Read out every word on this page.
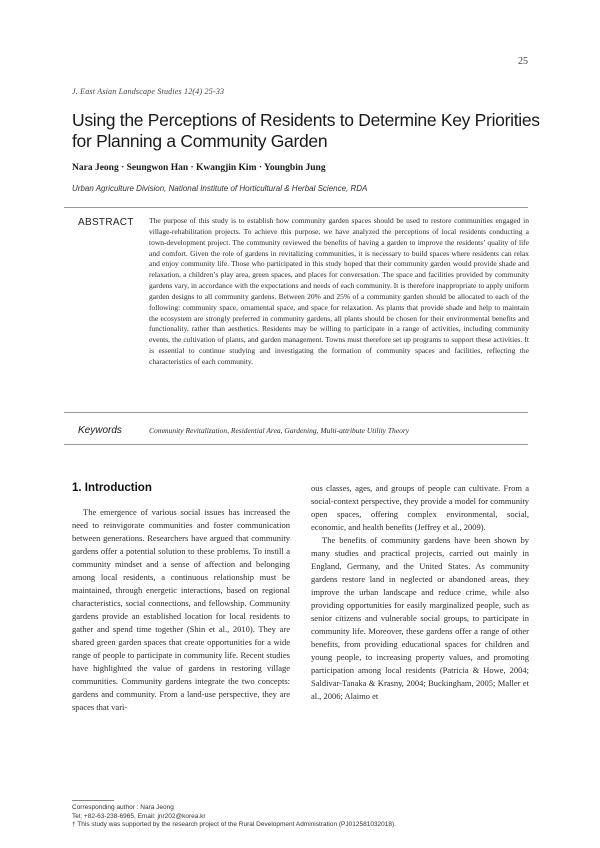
25
J. East Asian Landscape Studies 12(4) 25-33
Using the Perceptions of Residents to Determine Key Priorities for Planning a Community Garden
Nara Jeong · Seungwon Han · Kwangjin Kim · Youngbin Jung
Urban Agriculture Division, National Institute of Horticultural & Herbal Science, RDA
ABSTRACT The purpose of this study is to establish how community garden spaces should be used to restore communities engaged in village-rehabilitation projects. To achieve this purpose, we have analyzed the perceptions of local residents conducting a town-development project. The community reviewed the benefits of having a garden to improve the residents’ quality of life and comfort. Given the role of gardens in revitalizing communities, it is necessary to build spaces where residents can relax and enjoy community life. Those who participated in this study hoped that their community garden would provide shade and relaxation, a children’s play area, green spaces, and places for conversation. The space and facilities provided by community gardens vary, in accordance with the expectations and needs of each community. It is therefore inappropriate to apply uniform garden designs to all community gardens. Between 20% and 25% of a community garden should be allocated to each of the following: community space, ornamental space, and space for relaxation. As plants that provide shade and help to maintain the ecosystem are strongly preferred in community gardens, all plants should be chosen for their environmental benefits and functionality, rather than aesthetics. Residents may be willing to participate in a range of activities, including community events, the cultivation of plants, and garden management. Towns must therefore set up programs to support these activities. It is essential to continue studying and investigating the formation of community spaces and facilities, reflecting the characteristics of each community.

Keywords	Community Revitalization, Residential Area, Gardening, Multi-attribute Utility Theory
1. Introduction

The emergence of various social issues has increased the need to reinvigorate communities and foster communication between generations. Researchers have argued that community gardens offer a potential solution to these problems. To instill a community mindset and a sense of affection and belonging among local residents, a continuous relationship must be maintained, through energetic interactions, based on regional characteristics, social connections, and fellowship. Community gardens provide an established location for local residents to gather and spend time together (Shin et al., 2010). They are shared green garden spaces that create opportunities for a wide range of people to participate in community life. Recent studies have highlighted the value of gardens in restoring village communities. Community gardens integrate the two concepts: gardens and community. From a land-use perspective, they are spaces that vari-

ous classes, ages, and groups of people can cultivate. From a social-context perspective, they provide a model for community open spaces, offering complex environmental, social, economic, and health benefits (Jeffrey et al., 2009).

The benefits of community gardens have been shown by many studies and practical projects, carried out mainly in England, Germany, and the United States. As community gardens restore land in neglected or abandoned areas, they improve the urban landscape and reduce crime, while also providing opportunities for easily marginalized people, such as senior citizens and vulnerable social groups, to participate in community life. Moreover, these gardens offer a range of other benefits, from providing educational spaces for children and young people, to increasing property values, and promoting participation among local residents (Patricia & Howe, 2004; Saldivar-Tanaka & Krasny, 2004; Buckingham, 2005; Maller et al., 2006; Alaimo et

Corresponding author : Nara Jeong
Tel: +82-63-238-6965, Email: jnr202@korea.kr
† This study was supported by the research project of the Rural Development Administration (PJ012581032018).
